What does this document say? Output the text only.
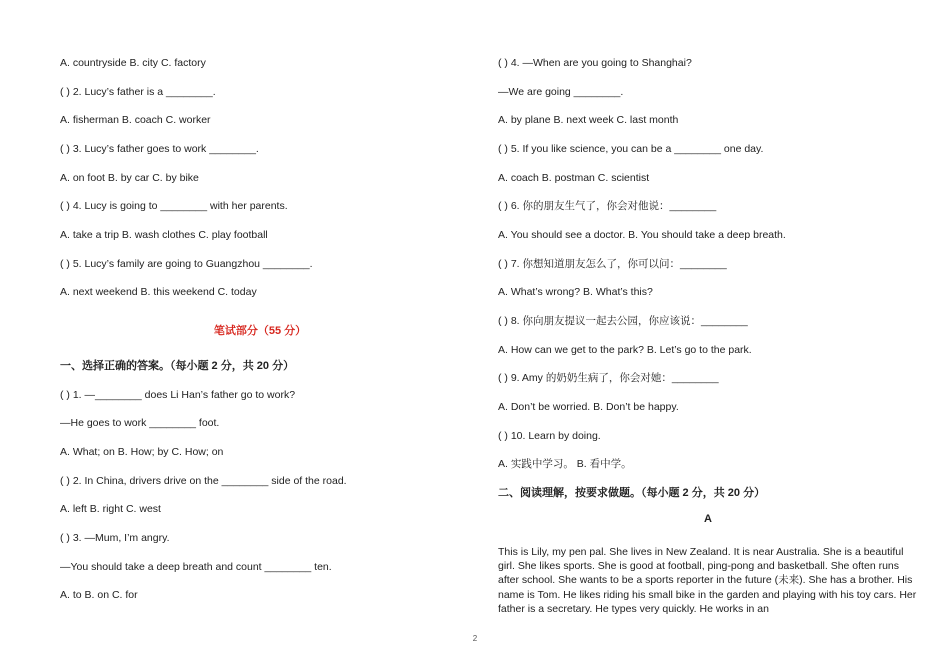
A. countryside B. city C. factory
( ) 2. Lucy’s father is a ________.
A. fisherman B. coach C. worker
( ) 3. Lucy’s father goes to work ________.
A. on foot B. by car C. by bike
( ) 4. Lucy is going to ________ with her parents.
A. take a trip B. wash clothes C. play football
( ) 5. Lucy’s family are going to Guangzhou ________.
A. next weekend B. this weekend C. today
笔试部分（55 分）
一、选择正确的答案。（每小题 2 分，共 20 分）
( ) 1. —________ does Li Han’s father go to work?
—He goes to work ________ foot.
A. What; on B. How; by C. How; on
( ) 2. In China, drivers drive on the ________ side of the road.
A. left B. right C. west
( ) 3. —Mum, I’m angry.
—You should take a deep breath and count ________ ten.
A. to B. on C. for
( ) 4. —When are you going to Shanghai?
—We are going ________.
A. by plane B. next week C. last month
( ) 5. If you like science, you can be a ________ one day.
A. coach B. postman C. scientist
( ) 6. 你的朋友生气了，你会对他说：________
A. You should see a doctor. B. You should take a deep breath.
( ) 7. 你想知道朋友怎么了，你可以问：________
A. What’s wrong? B. What’s this?
( ) 8. 你向朋友提议一起去公园，你应该说：________
A. How can we get to the park? B. Let’s go to the park.
( ) 9. Amy 的奶奶生病了，你会对她：________
A. Don’t be worried. B. Don’t be happy.
( ) 10. Learn by doing.
A. 实践中学习。 B. 看中学。
二、阅读理解，按要求做题。（每小题 2 分，共 20 分）
A
This is Lily, my pen pal. She lives in New Zealand. It is near Australia. She is a beautiful girl. She likes sports. She is good at football, ping-pong and basketball. She often runs after school. She wants to be a sports reporter in the future (未来). She has a brother. His name is Tom. He likes riding his small bike in the garden and playing with his toy cars. Her father is a secretary. He types very quickly. He works in an
2
